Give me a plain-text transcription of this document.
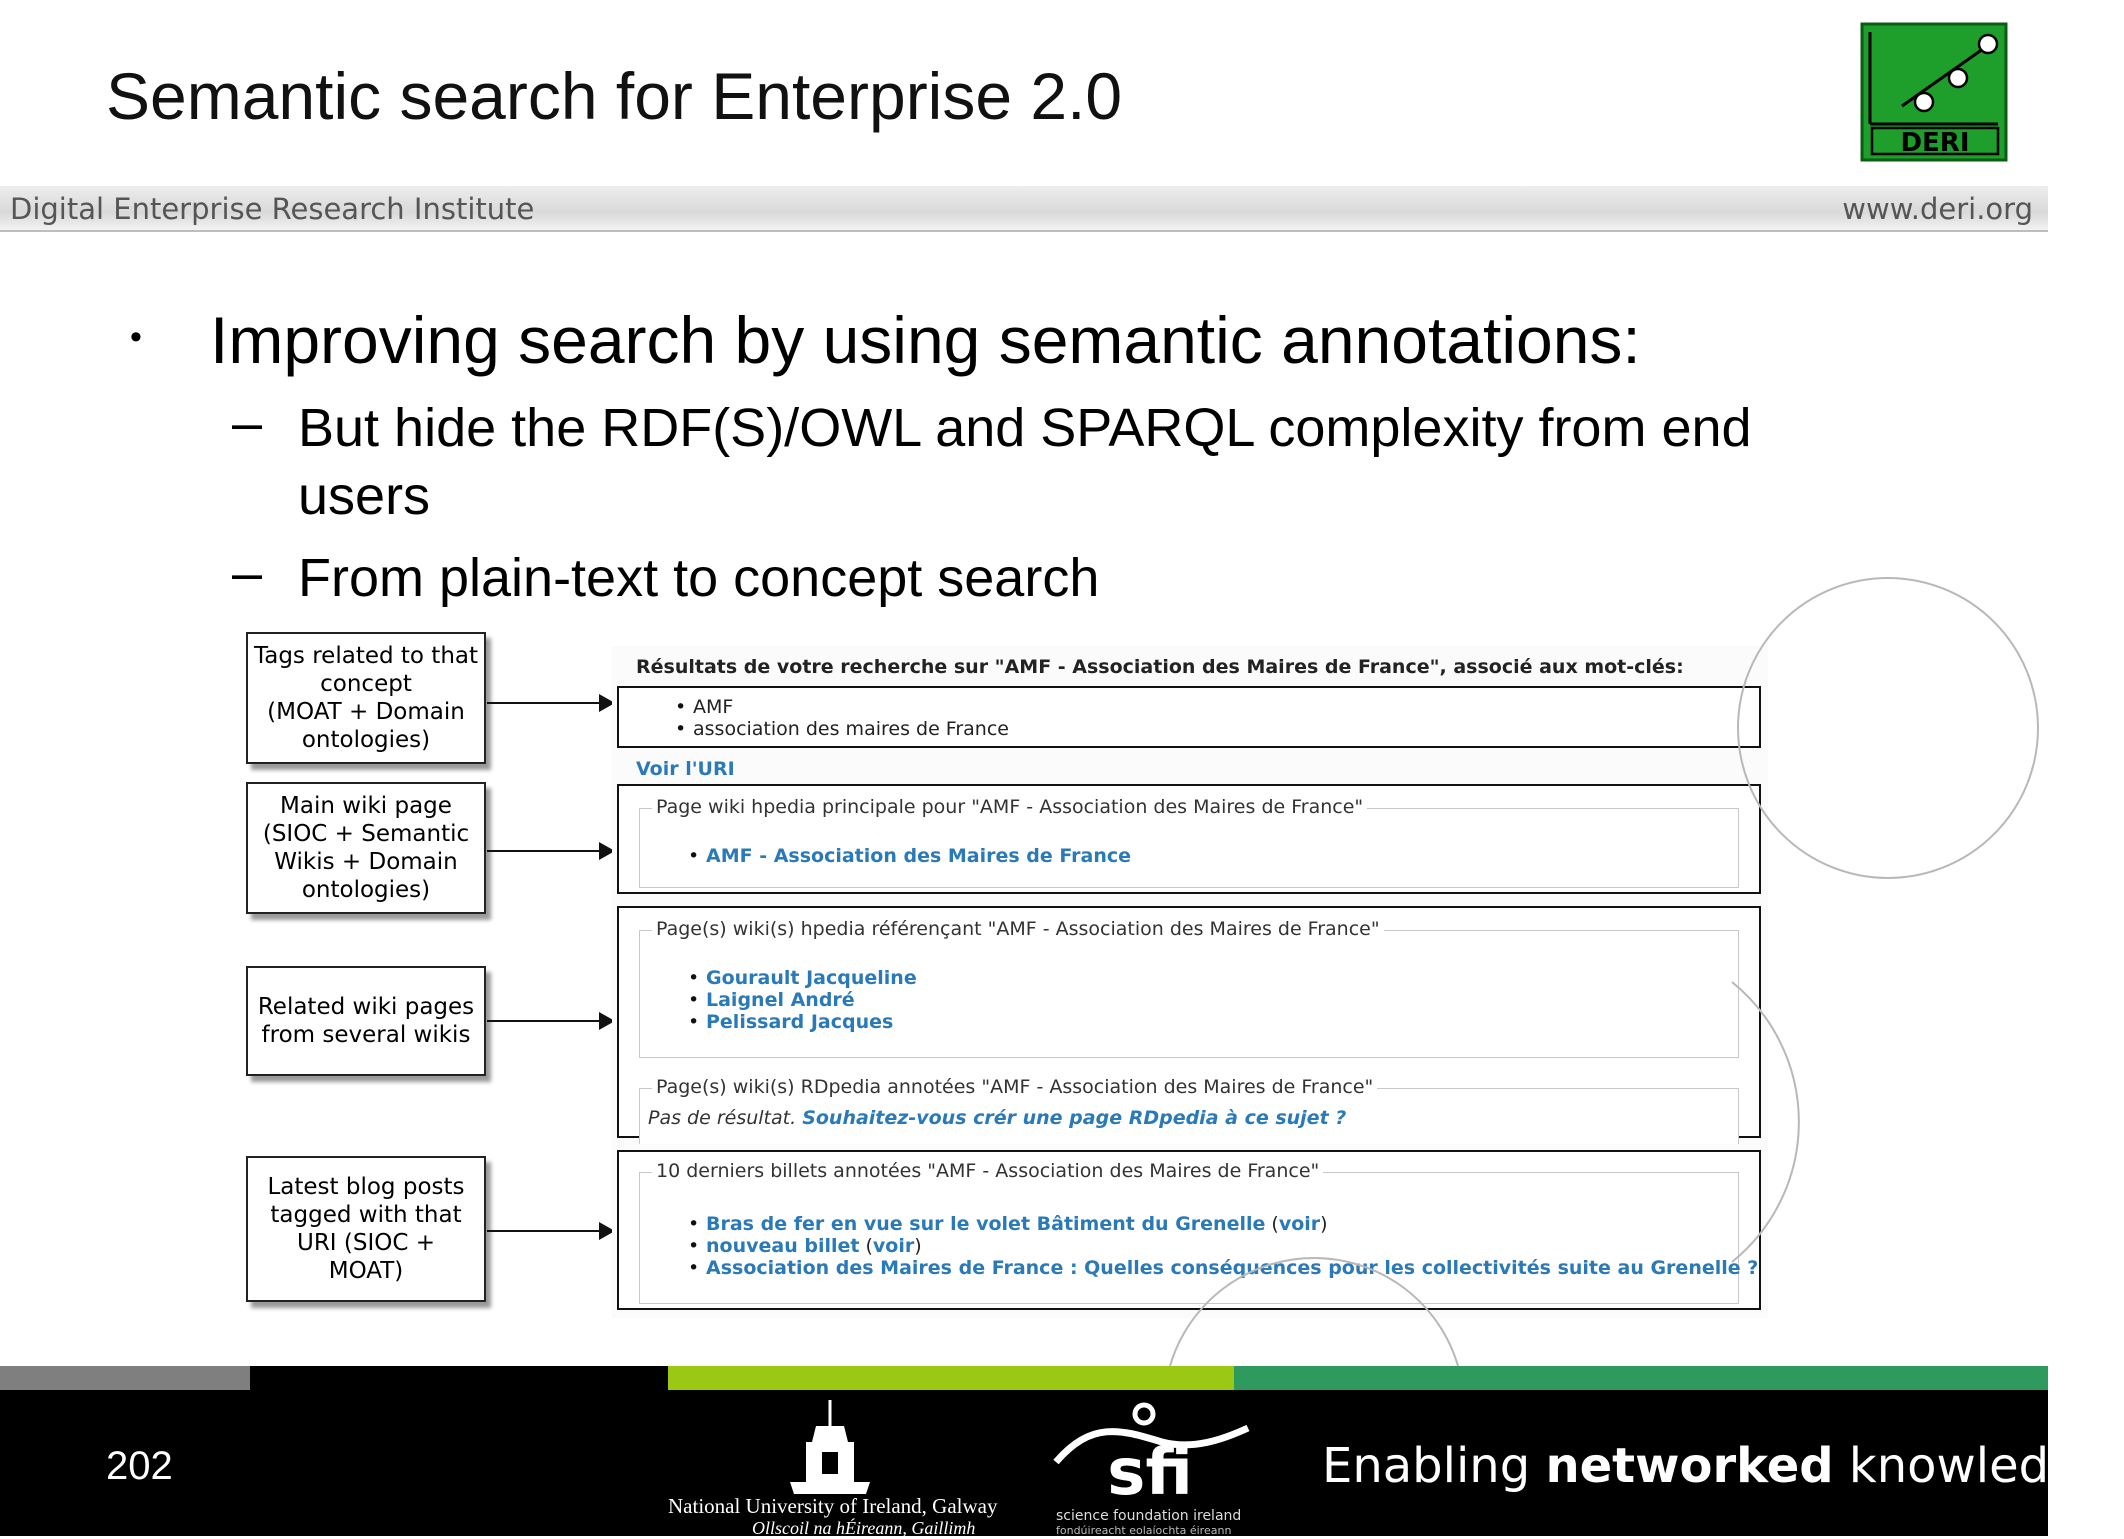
Semantic search for Enterprise 2.0
DERI
Digital Enterprise Research Institute	www.deri.org
• Improving search by using semantic annotations:
– But hide the RDF(S)/OWL and SPARQL complexity from end
users
– From plain-text to concept search
Tags related to that
concept
(MOAT + Domain
ontologies)
Main wiki page
(SIOC + Semantic
Wikis + Domain
ontologies)
Related wiki pages
from several wikis
Latest blog posts
tagged with that
URI (SIOC +
MOAT)
Résultats de votre recherche sur "AMF - Association des Maires de France", associé aux mot-clés:
• AMF
• association des maires de France
Voir l'URI
Page wiki hpedia principale pour "AMF - Association des Maires de France"
• AMF - Association des Maires de France
Page(s) wiki(s) hpedia référençant "AMF - Association des Maires de France"
• Gourault Jacqueline
• Laignel André
• Pelissard Jacques
Page(s) wiki(s) RDpedia annotées "AMF - Association des Maires de France"
Pas de résultat. Souhaitez-vous crér une page RDpedia à ce sujet ?
10 derniers billets annotées "AMF - Association des Maires de France"
• Bras de fer en vue sur le volet Bâtiment du Grenelle (voir)
• nouveau billet (voir)
• Association des Maires de France : Quelles conséquences pour les collectivités suite au Grenelle ?
202
National University of Ireland, Galway
Ollscoil na hÉireann, Gaillimh
sfi
science foundation ireland
fondúireacht eolaíochta éireann
Enabling networked knowledge.
